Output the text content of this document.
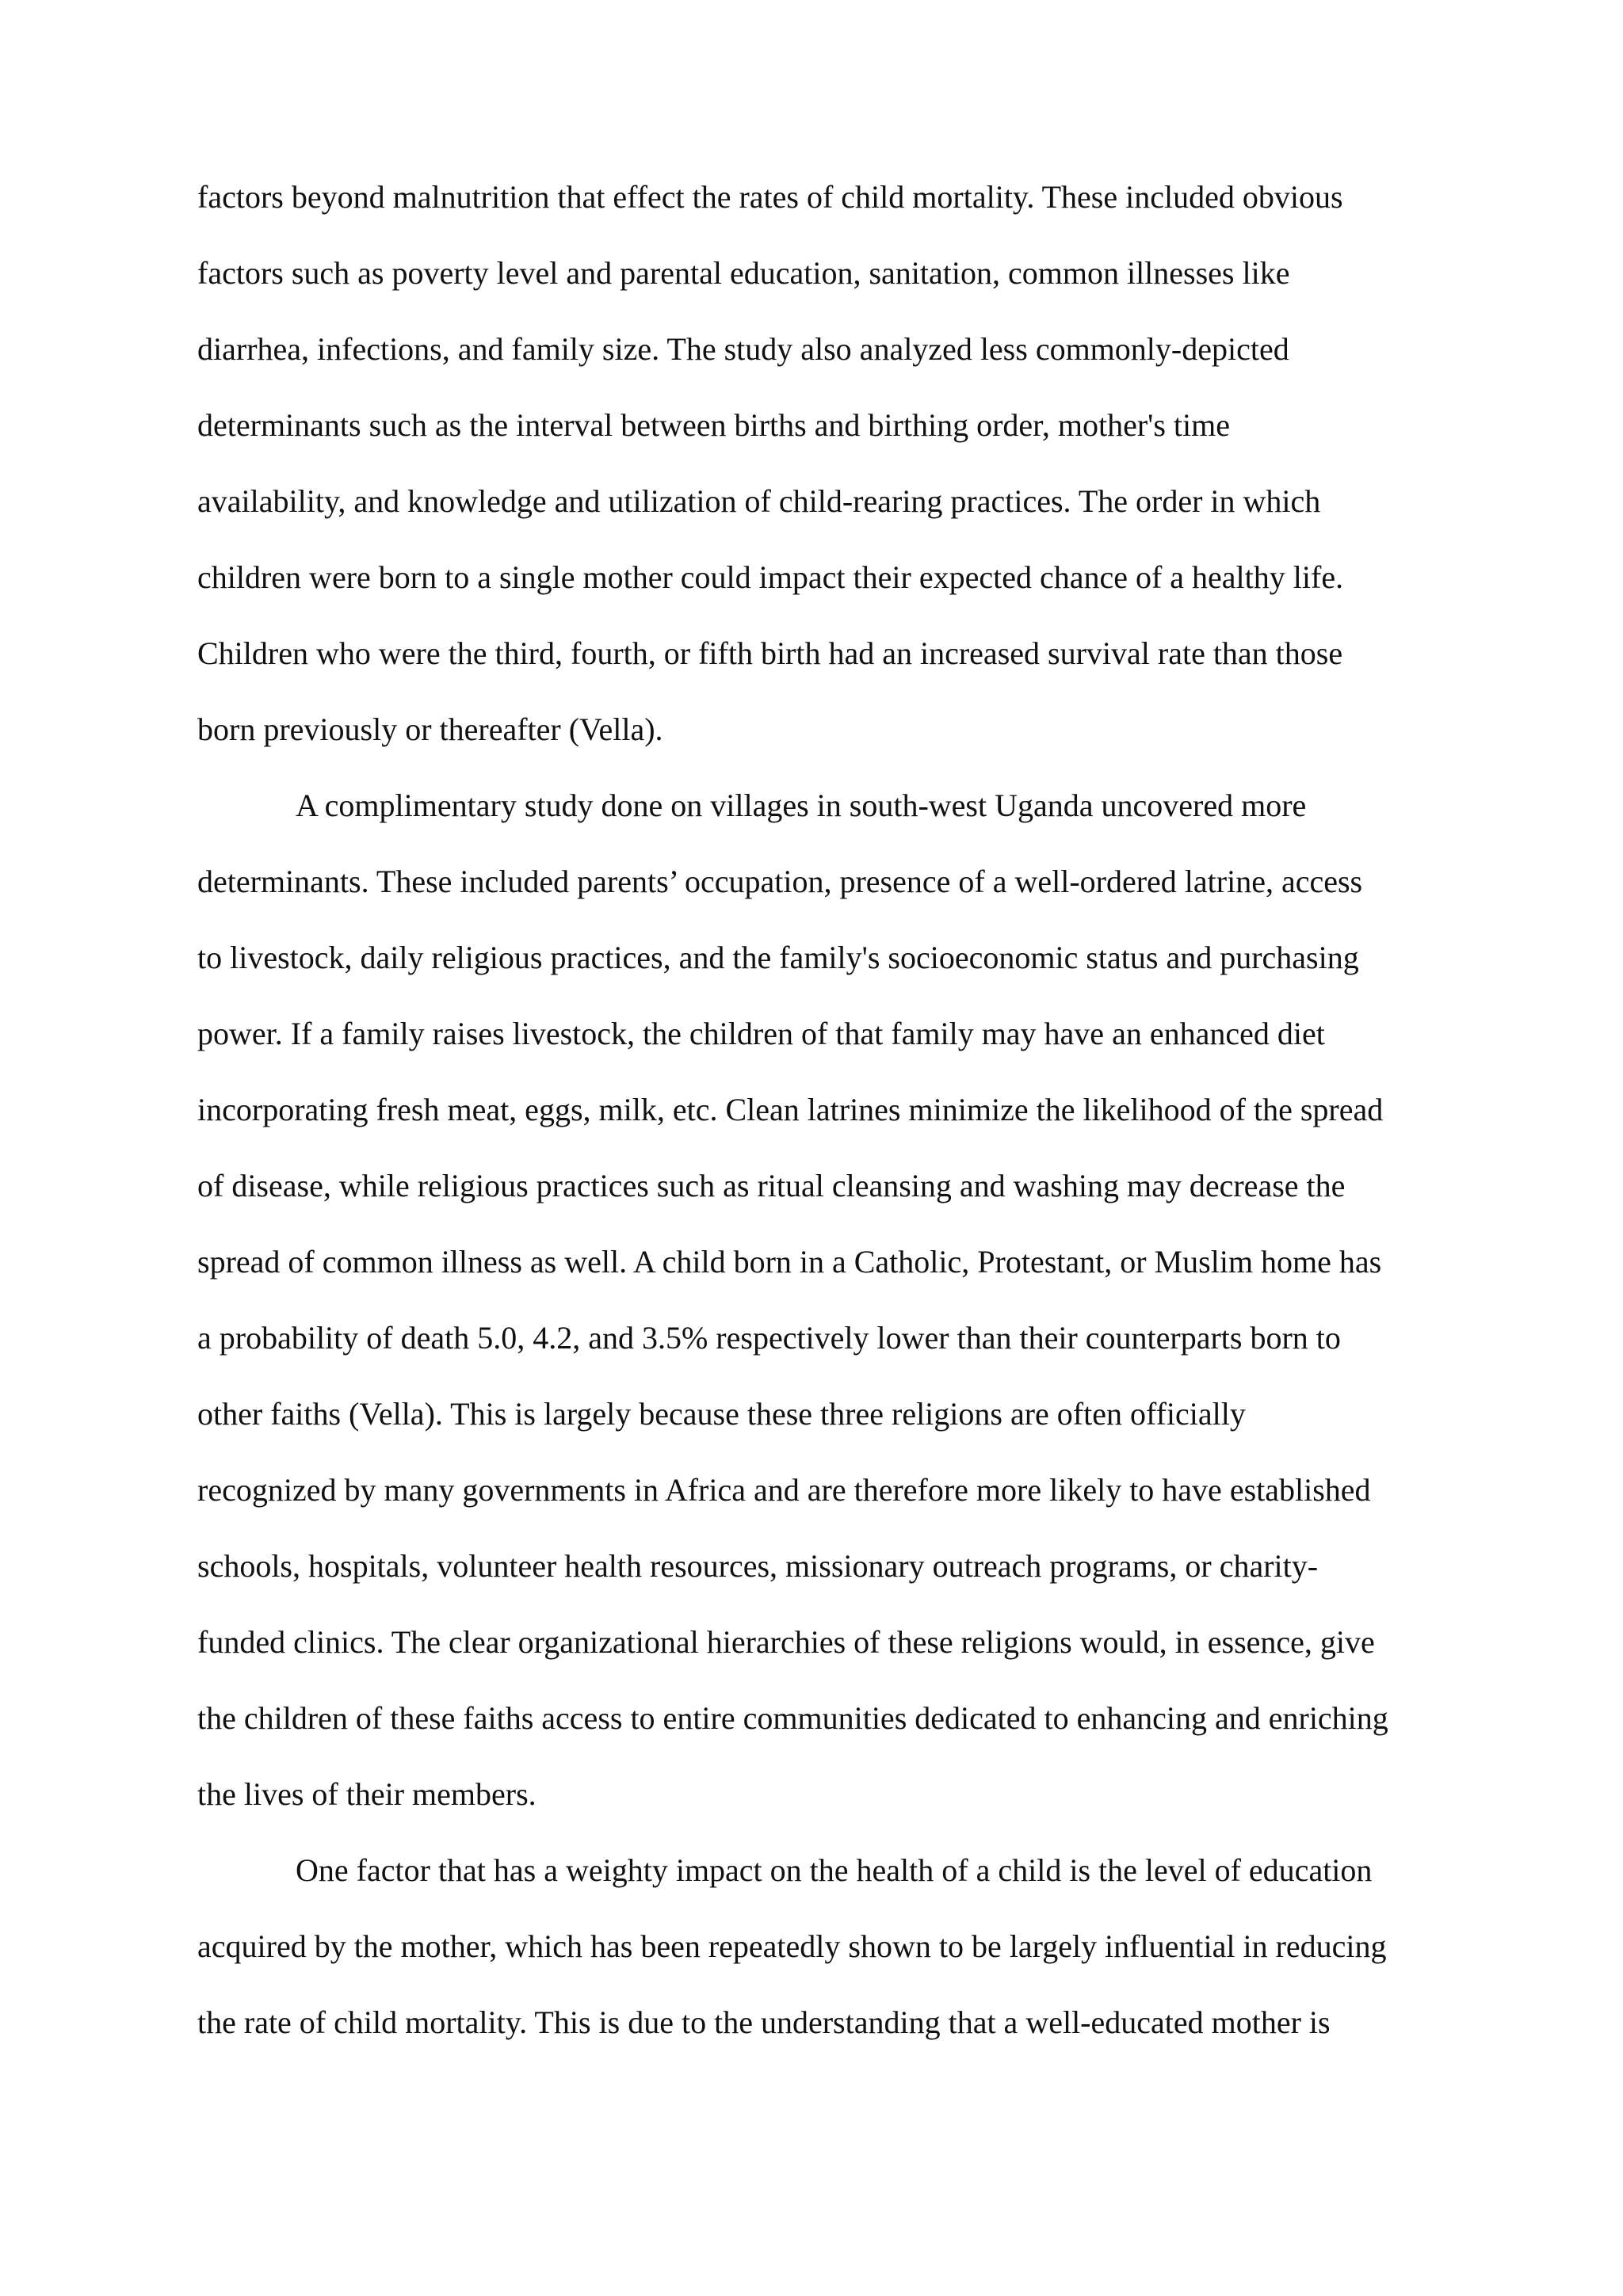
factors beyond malnutrition that effect the rates of child mortality. These included obvious
factors such as poverty level and parental education, sanitation, common illnesses like
diarrhea, infections, and family size. The study also analyzed less commonly-depicted
determinants such as the interval between births and birthing order, mother's time
availability, and knowledge and utilization of child-rearing practices. The order in which
children were born to a single mother could impact their expected chance of a healthy life.
Children who were the third, fourth, or fifth birth had an increased survival rate than those
born previously or thereafter (Vella).
A complimentary study done on villages in south-west Uganda uncovered more
determinants. These included parents’ occupation, presence of a well-ordered latrine, access
to livestock, daily religious practices, and the family's socioeconomic status and purchasing
power. If a family raises livestock, the children of that family may have an enhanced diet
incorporating fresh meat, eggs, milk, etc. Clean latrines minimize the likelihood of the spread
of disease, while religious practices such as ritual cleansing and washing may decrease the
spread of common illness as well. A child born in a Catholic, Protestant, or Muslim home has
a probability of death 5.0, 4.2, and 3.5% respectively lower than their counterparts born to
other faiths (Vella). This is largely because these three religions are often officially
recognized by many governments in Africa and are therefore more likely to have established
schools, hospitals, volunteer health resources, missionary outreach programs, or charity-
funded clinics. The clear organizational hierarchies of these religions would, in essence, give
the children of these faiths access to entire communities dedicated to enhancing and enriching
the lives of their members.
One factor that has a weighty impact on the health of a child is the level of education
acquired by the mother, which has been repeatedly shown to be largely influential in reducing
the rate of child mortality. This is due to the understanding that a well-educated mother is
